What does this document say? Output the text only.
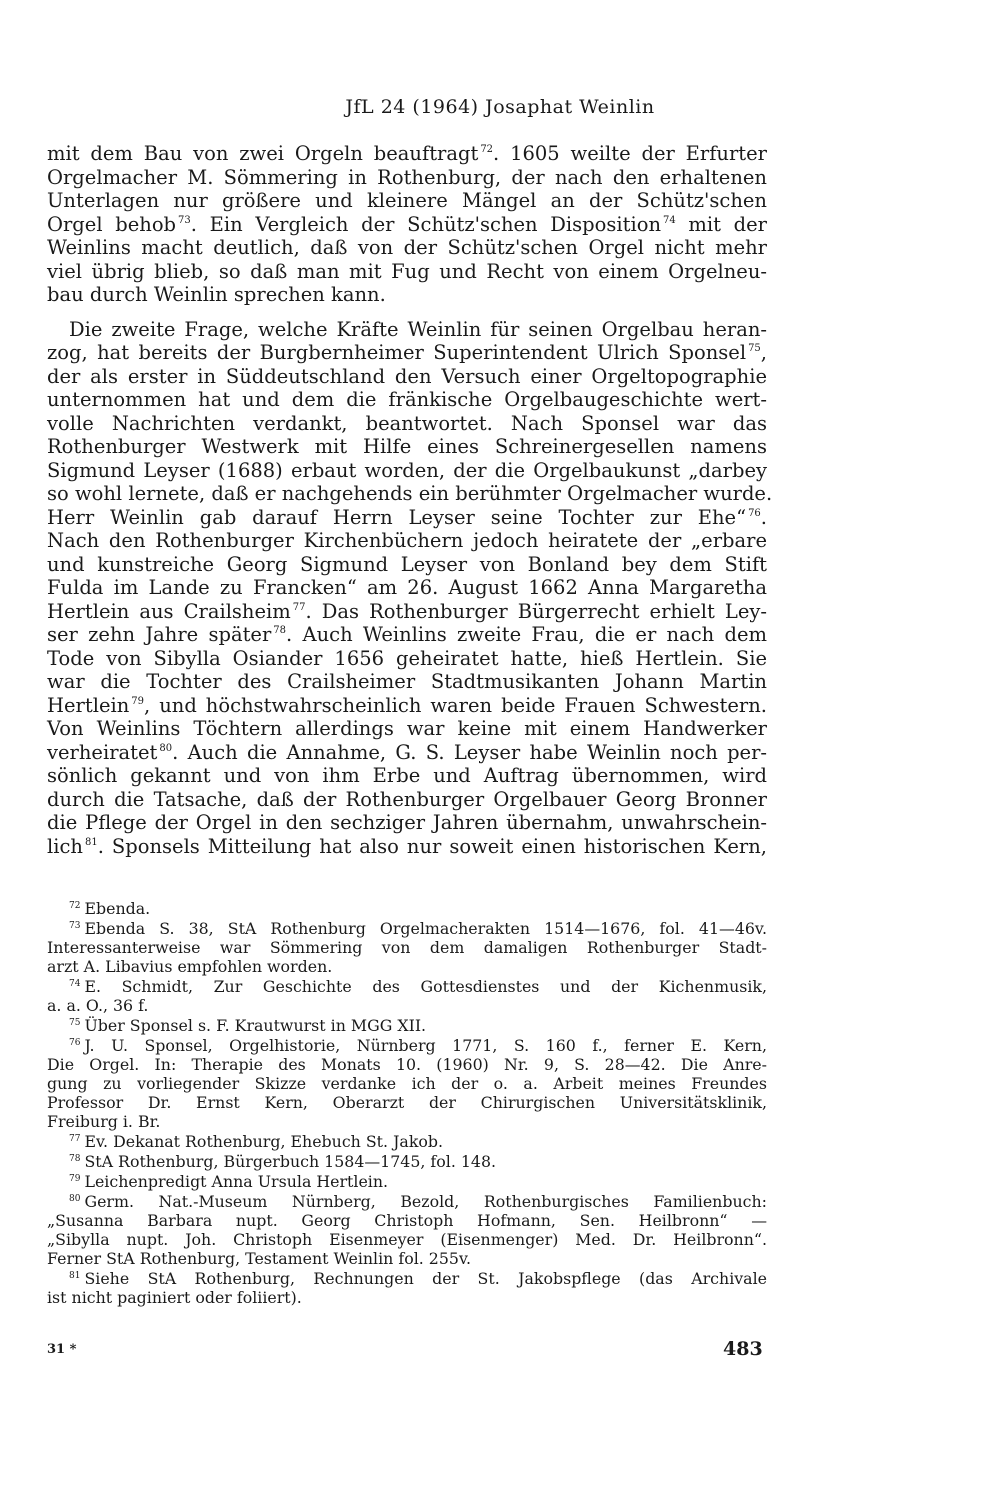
JfL 24 (1964) Josaphat Weinlin
mit dem Bau von zwei Orgeln beauftragt $^{72}$. 1605 weilte der Erfurter
Orgelmacher M. Sömmering in Rothenburg, der nach den erhaltenen
Unterlagen nur größere und kleinere Mängel an der Schütz'schen
Orgel behob $^{73}$. Ein Vergleich der Schütz'schen Disposition $^{74}$ mit der
Weinlins macht deutlich, daß von der Schütz'schen Orgel nicht mehr
viel übrig blieb, so daß man mit Fug und Recht von einem Orgelneu-
bau durch Weinlin sprechen kann.
Die zweite Frage, welche Kräfte Weinlin für seinen Orgelbau heran-
zog, hat bereits der Burgbernheimer Superintendent Ulrich Sponsel $^{75}$,
der als erster in Süddeutschland den Versuch einer Orgeltopographie
unternommen hat und dem die fränkische Orgelbaugeschichte wert-
volle Nachrichten verdankt, beantwortet. Nach Sponsel war das
Rothenburger Westwerk mit Hilfe eines Schreinergesellen namens
Sigmund Leyser (1688) erbaut worden, der die Orgelbaukunst „darbey
so wohl lernete, daß er nachgehends ein berühmter Orgelmacher wurde.
Herr Weinlin gab darauf Herrn Leyser seine Tochter zur Ehe“ $^{76}$.
Nach den Rothenburger Kirchenbüchern jedoch heiratete der „erbare
und kunstreiche Georg Sigmund Leyser von Bonland bey dem Stift
Fulda im Lande zu Francken“ am 26. August 1662 Anna Margaretha
Hertlein aus Crailsheim $^{77}$. Das Rothenburger Bürgerrecht erhielt Ley-
ser zehn Jahre später $^{78}$. Auch Weinlins zweite Frau, die er nach dem
Tode von Sibylla Osiander 1656 geheiratet hatte, hieß Hertlein. Sie
war die Tochter des Crailsheimer Stadtmusikanten Johann Martin
Hertlein $^{79}$, und höchstwahrscheinlich waren beide Frauen Schwestern.
Von Weinlins Töchtern allerdings war keine mit einem Handwerker
verheiratet $^{80}$. Auch die Annahme, G. S. Leyser habe Weinlin noch per-
sönlich gekannt und von ihm Erbe und Auftrag übernommen, wird
durch die Tatsache, daß der Rothenburger Orgelbauer Georg Bronner
die Pflege der Orgel in den sechziger Jahren übernahm, unwahrschein-
lich $^{81}$. Sponsels Mitteilung hat also nur soweit einen historischen Kern,
$^{72}$ Ebenda.
$^{73}$ Ebenda S. 38, StA Rothenburg Orgelmacherakten 1514—1676, fol. 41—46v.
Interessanterweise war Sömmering von dem damaligen Rothenburger Stadt-
arzt A. Libavius empfohlen worden.
$^{74}$ E. Schmidt, Zur Geschichte des Gottesdienstes und der Kichenmusik,
a. a. O., 36 f.
$^{75}$ Über Sponsel s. F. Krautwurst in MGG XII.
$^{76}$ J. U. Sponsel, Orgelhistorie, Nürnberg 1771, S. 160 f., ferner E. Kern,
Die Orgel. In: Therapie des Monats 10. (1960) Nr. 9, S. 28—42. Die Anre-
gung zu vorliegender Skizze verdanke ich der o. a. Arbeit meines Freundes
Professor Dr. Ernst Kern, Oberarzt der Chirurgischen Universitätsklinik,
Freiburg i. Br.
$^{77}$ Ev. Dekanat Rothenburg, Ehebuch St. Jakob.
$^{78}$ StA Rothenburg, Bürgerbuch 1584—1745, fol. 148.
$^{79}$ Leichenpredigt Anna Ursula Hertlein.
$^{80}$ Germ. Nat.-Museum Nürnberg, Bezold, Rothenburgisches Familienbuch:
„Susanna Barbara nupt. Georg Christoph Hofmann, Sen. Heilbronn“ —
„Sibylla nupt. Joh. Christoph Eisenmeyer (Eisenmenger) Med. Dr. Heilbronn“.
Ferner StA Rothenburg, Testament Weinlin fol. 255v.
$^{81}$ Siehe StA Rothenburg, Rechnungen der St. Jakobspflege (das Archivale
ist nicht paginiert oder foliiert).
31 *	483
